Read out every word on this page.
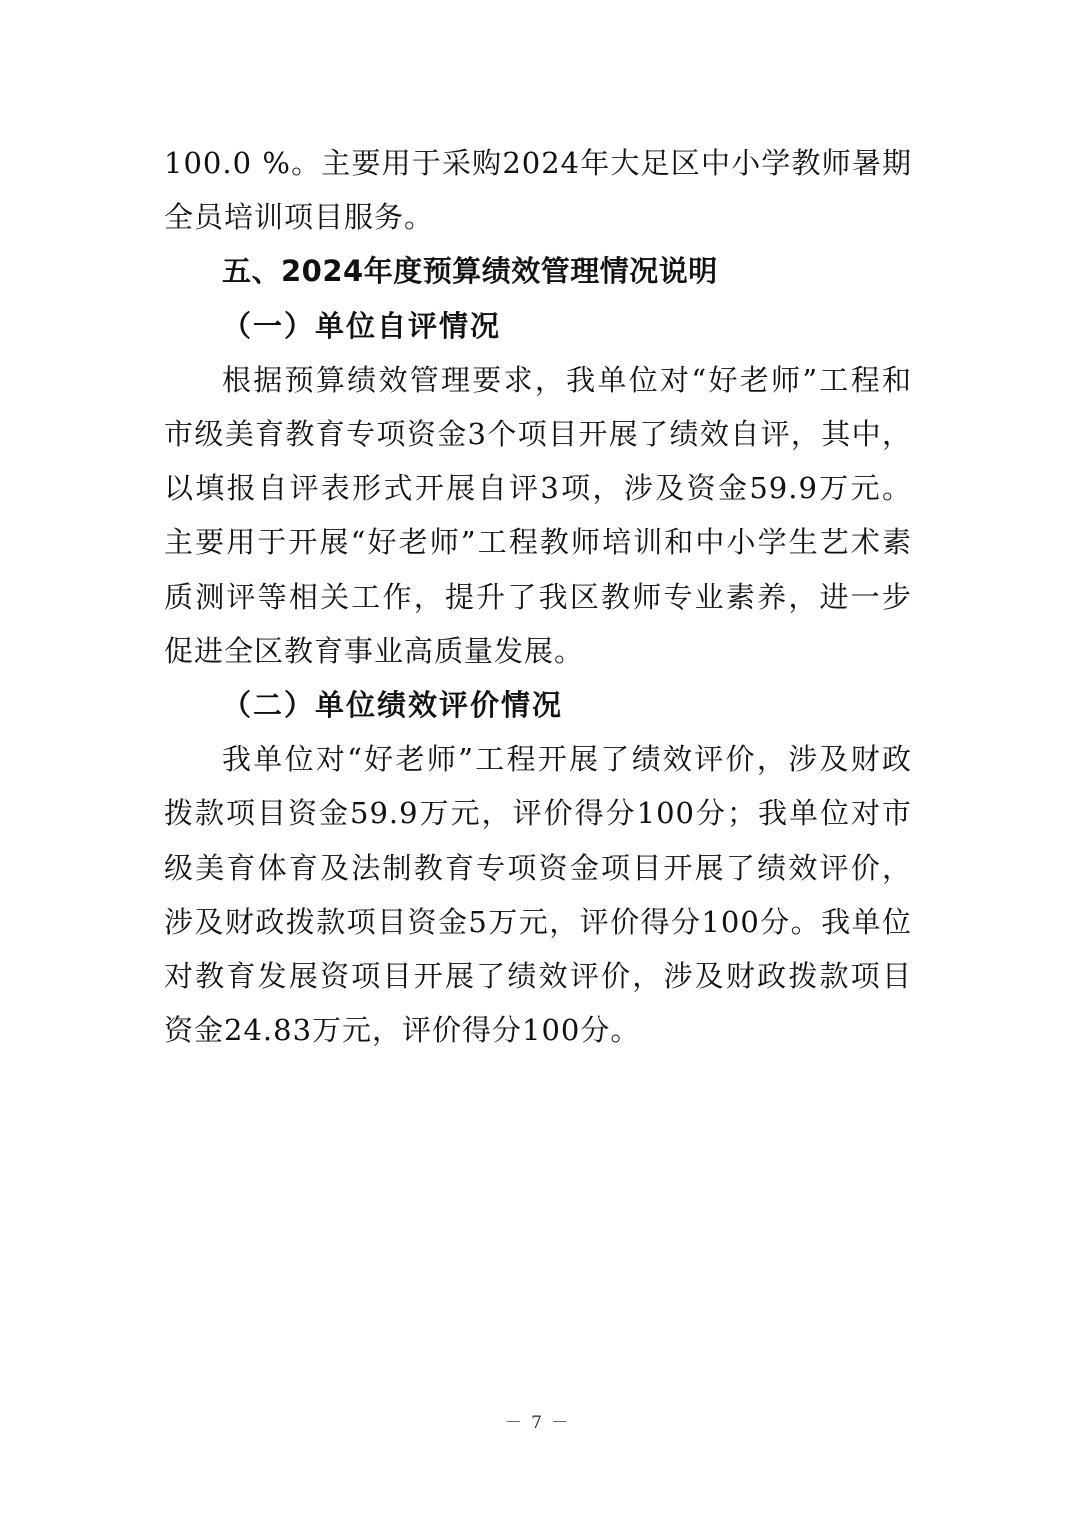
100.0 %。主要用于采购2024年大足区中小学教师暑期全员培训项目服务。

五、2024年度预算绩效管理情况说明

（一）单位自评情况

根据预算绩效管理要求，我单位对“好老师”工程和市级美育教育专项资金3个项目开展了绩效自评，其中，以填报自评表形式开展自评3项，涉及资金59.9万元。主要用于开展“好老师”工程教师培训和中小学生艺术素质测评等相关工作，提升了我区教师专业素养，进一步促进全区教育事业高质量发展。

（二）单位绩效评价情况

我单位对“好老师”工程开展了绩效评价，涉及财政拨款项目资金59.9万元，评价得分100分；我单位对市级美育体育及法制教育专项资金项目开展了绩效评价，涉及财政拨款项目资金5万元，评价得分100分。我单位对教育发展资项目开展了绩效评价，涉及财政拨款项目资金24.83万元，评价得分100分。

－ 7 －
